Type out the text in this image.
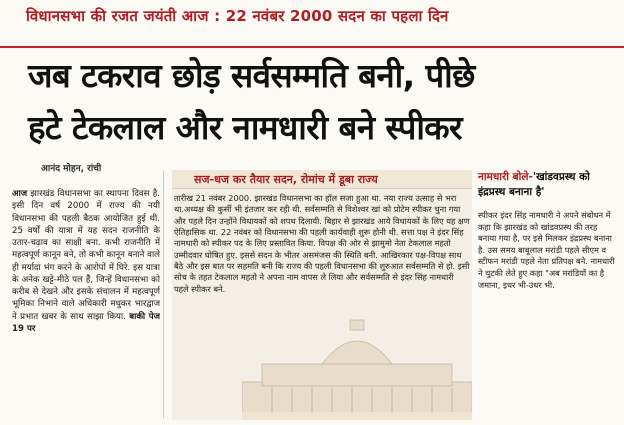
विधानसभा की रजत जयंती आज : 22 नवंबर 2000 सदन का पहला दिन
जब टकराव छोड़ सर्वसम्मति बनी, पीछे
हटे टेकलाल और नामधारी बने स्पीकर
आनंद मोहन, रांची
आज झारखंड विधानसभा का स्थापना दिवस है. इसी दिन वर्ष 2000 में राज्य की नयी विधानसभा की पहली बैठक आयोजित हुई थी. 25 वर्षों की यात्रा में यह सदन राजनीति के उतार-चढ़ाव का साक्षी बना. कभी राजनीति में महत्वपूर्ण कानून बने, तो कभी कानून बनाने वाले ही मर्यादा भंग करने के आरोपों में घिरे. इस यात्रा के अनेक खट्टे-मीठे पल हैं, जिन्हें विधानसभा को करीब से देखने और इसके संचालन में महत्वपूर्ण भूमिका निभाने वाले अधिकारी मधुकर भारद्वाज ने प्रभात खबर के साथ साझा किया. बाकी पेज 19 पर
सज-धज कर तैयार सदन, रोमांच में डूबा राज्य
तारीख 21 नवंबर 2000. झारखंड विधानसभा का हॉल सजा हुआ था. नया राज्य उत्साह से भरा था.अध्यक्ष की कुर्सी भी इंतजार कर रही थी. सर्वसम्मति से विशेश्वर खां को प्रोटेम स्पीकर चुना गया और पहले दिन उन्होंने विधायकों को शपथ दिलायी. बिहार से झारखंड आये विधायकों के लिए यह क्षण ऐतिहासिक था. 22 नवंबर को विधानसभा की पहली कार्यवाही शुरू होनी थी. सत्ता पक्ष ने इंदर सिंह नामधारी को स्पीकर पद के लिए प्रस्तावित किया. विपक्ष की ओर से झामुमो नेता टेकलाल महतो उम्मीदवार घोषित हुए. इससे सदन के भीतर असमंजस की स्थिति बनी. आखिरकार पक्ष-विपक्ष साथ बैठे और इस बात पर सहमति बनी कि राज्य की पहली विधानसभा की शुरुआत सर्वसम्मति से हो. इसी सोच के तहत टेकलाल महतो ने अपना नाम वापस ले लिया और सर्वसम्मति से इंदर सिंह नामधारी पहले स्पीकर बने.
नामधारी बोले-'खांडवप्रस्थ को इंद्रप्रस्थ बनाना है'
स्पीकर इंदर सिंह नामधारी ने अपने संबोधन में कहा कि झारखंड को खांडवप्रस्थ की तरह बनाया गया है, पर इसे मिलकर इंद्रप्रस्थ बनाना है. उस समय बाबूलाल मरांडी पहले सीएम व स्टीफन मरांडी पहले नेता प्रतिपक्ष बने. नामधारी ने चुटकी लेते हुए कहा "अब मरांडियों का है जमाना, इधर भी-उधर भी.
